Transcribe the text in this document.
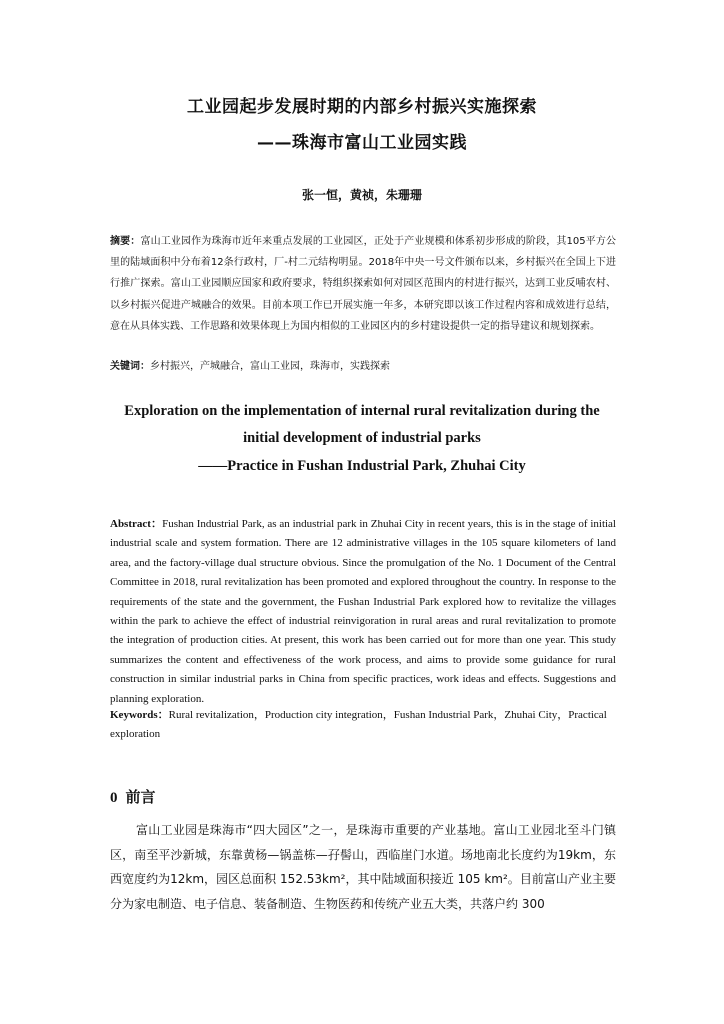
工业园起步发展时期的内部乡村振兴实施探索
——珠海市富山工业园实践
张一恒，黄祯，朱珊珊
摘要：富山工业园作为珠海市近年来重点发展的工业园区，正处于产业规模和体系初步形成的阶段，其105平方公里的陆域面积中分布着12条行政村，厂-村二元结构明显。2018年中央一号文件颁布以来，乡村振兴在全国上下进行推广探索。富山工业园顺应国家和政府要求，特组织探索如何对园区范围内的村进行振兴，达到工业反哺农村、以乡村振兴促进产城融合的效果。目前本项工作已开展实施一年多，本研究即以该工作过程内容和成效进行总结，意在从具体实践、工作思路和效果体现上为国内相似的工业园区内的乡村建设提供一定的指导建议和规划探索。
关键词：乡村振兴，产城融合，富山工业园，珠海市，实践探索
Exploration on the implementation of internal rural revitalization during the
initial development of industrial parks
——Practice in Fushan Industrial Park, Zhuhai City
Abstract：Fushan Industrial Park, as an industrial park in Zhuhai City in recent years, this is in the stage of initial industrial scale and system formation. There are 12 administrative villages in the 105 square kilometers of land area, and the factory-village dual structure obvious. Since the promulgation of the No. 1 Document of the Central Committee in 2018, rural revitalization has been promoted and explored throughout the country. In response to the requirements of the state and the government, the Fushan Industrial Park explored how to revitalize the villages within the park to achieve the effect of industrial reinvigoration in rural areas and rural revitalization to promote the integration of production cities. At present, this work has been carried out for more than one year. This study summarizes the content and effectiveness of the work process, and aims to provide some guidance for rural construction in similar industrial parks in China from specific practices, work ideas and effects. Suggestions and planning exploration.
Keywords：Rural revitalization，Production city integration，Fushan Industrial Park，Zhuhai City，Practical exploration
0 前言
富山工业园是珠海市“四大园区”之一，是珠海市重要的产业基地。富山工业园北至斗门镇区，南至平沙新城，东靠黄杨—锅盖栋—孖髻山，西临崖门水道。场地南北长度约为19km，东西宽度约为12km，园区总面积 152.53km²，其中陆域面积接近 105 km²。目前富山产业主要分为家电制造、电子信息、装备制造、生物医药和传统产业五大类，共落户约 300
